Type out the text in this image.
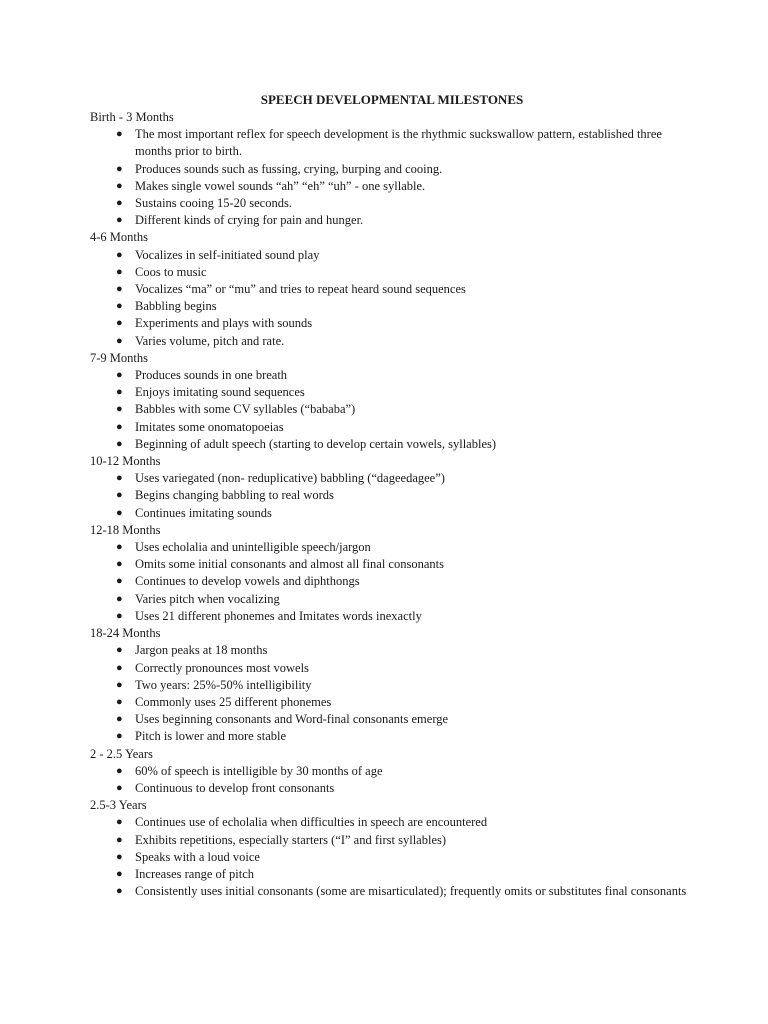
SPEECH DEVELOPMENTAL MILESTONES
Birth - 3 Months
● The most important reflex for speech development is the rhythmic suckswallow pattern, established three months prior to birth.
● Produces sounds such as fussing, crying, burping and cooing.
● Makes single vowel sounds “ah” “eh” “uh” - one syllable.
● Sustains cooing 15-20 seconds.
● Different kinds of crying for pain and hunger.
4-6 Months
● Vocalizes in self-initiated sound play
● Coos to music
● Vocalizes “ma” or “mu” and tries to repeat heard sound sequences
● Babbling begins
● Experiments and plays with sounds
● Varies volume, pitch and rate.
7-9 Months
● Produces sounds in one breath
● Enjoys imitating sound sequences
● Babbles with some CV syllables (“bababa”)
● Imitates some onomatopoeias
● Beginning of adult speech (starting to develop certain vowels, syllables)
10-12 Months
● Uses variegated (non- reduplicative) babbling (“dageedagee”)
● Begins changing babbling to real words
● Continues imitating sounds
12-18 Months
● Uses echolalia and unintelligible speech/jargon
● Omits some initial consonants and almost all final consonants
● Continues to develop vowels and diphthongs
● Varies pitch when vocalizing
● Uses 21 different phonemes and Imitates words inexactly
18-24 Months
● Jargon peaks at 18 months
● Correctly pronounces most vowels
● Two years: 25%-50% intelligibility
● Commonly uses 25 different phonemes
● Uses beginning consonants and Word-final consonants emerge
● Pitch is lower and more stable
2 - 2.5 Years
● 60% of speech is intelligible by 30 months of age
● Continuous to develop front consonants
2.5-3 Years
● Continues use of echolalia when difficulties in speech are encountered
● Exhibits repetitions, especially starters (“I” and first syllables)
● Speaks with a loud voice
● Increases range of pitch
● Consistently uses initial consonants (some are misarticulated); frequently omits or substitutes final consonants
